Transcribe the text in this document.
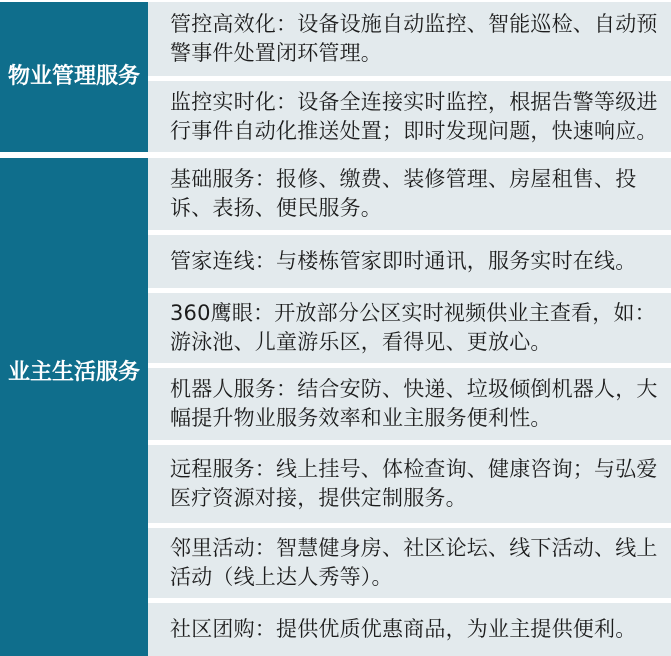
物业管理服务
管控高效化：设备设施自动监控、智能巡检、自动预警事件处置闭环管理。
监控实时化：设备全连接实时监控，根据告警等级进行事件自动化推送处置；即时发现问题，快速响应。
业主生活服务
基础服务：报修、缴费、装修管理、房屋租售、投诉、表扬、便民服务。
管家连线：与楼栋管家即时通讯，服务实时在线。
360鹰眼：开放部分公区实时视频供业主查看，如：游泳池、儿童游乐区，看得见、更放心。
机器人服务：结合安防、快递、垃圾倾倒机器人，大幅提升物业服务效率和业主服务便利性。
远程服务：线上挂号、体检查询、健康咨询；与弘爱医疗资源对接，提供定制服务。
邻里活动：智慧健身房、社区论坛、线下活动、线上活动（线上达人秀等）。
社区团购：提供优质优惠商品，为业主提供便利。
